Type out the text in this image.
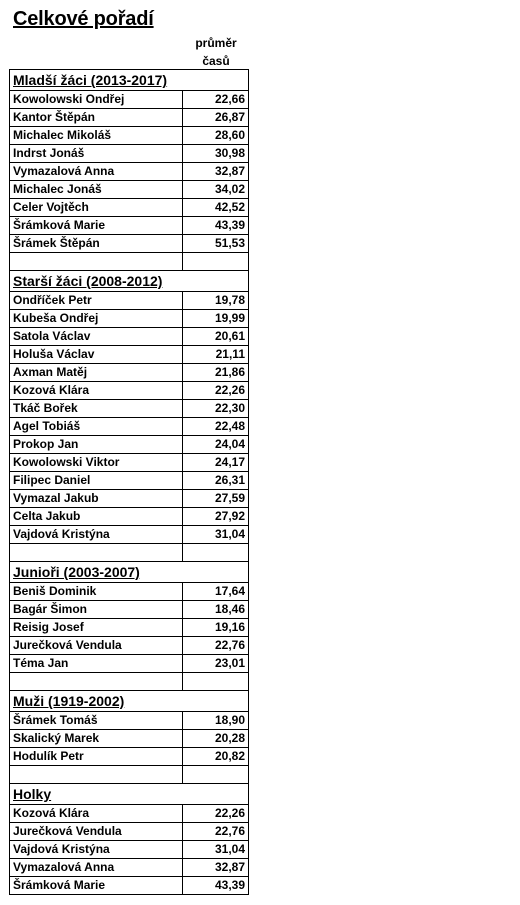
Celkové pořadí
průměr
časů
Mladší žáci (2013-2017)	
Kowolowski Ondřej	22,66
Kantor Štěpán	26,87
Michalec Mikoláš	28,60
Indrst Jonáš	30,98
Vymazalová Anna	32,87
Michalec Jonáš	34,02
Celer Vojtěch	42,52
Šrámková Marie	43,39
Šrámek Štěpán	51,53

Starší žáci (2008-2012)	
Ondříček Petr	19,78
Kubeša Ondřej	19,99
Satola Václav	20,61
Holuša Václav	21,11
Axman Matěj	21,86
Kozová Klára	22,26
Tkáč Bořek	22,30
Agel Tobiáš	22,48
Prokop Jan	24,04
Kowolowski Viktor	24,17
Filipec Daniel	26,31
Vymazal Jakub	27,59
Celta Jakub	27,92
Vajdová Kristýna	31,04

Junioři (2003-2007)	
Beniš Dominik	17,64
Bagár Šimon	18,46
Reisig Josef	19,16
Jurečková Vendula	22,76
Téma Jan	23,01

Muži (1919-2002)	
Šrámek Tomáš	18,90
Skalický Marek	20,28
Hodulík Petr	20,82

Holky	
Kozová Klára	22,26
Jurečková Vendula	22,76
Vajdová Kristýna	31,04
Vymazalová Anna	32,87
Šrámková Marie	43,39
